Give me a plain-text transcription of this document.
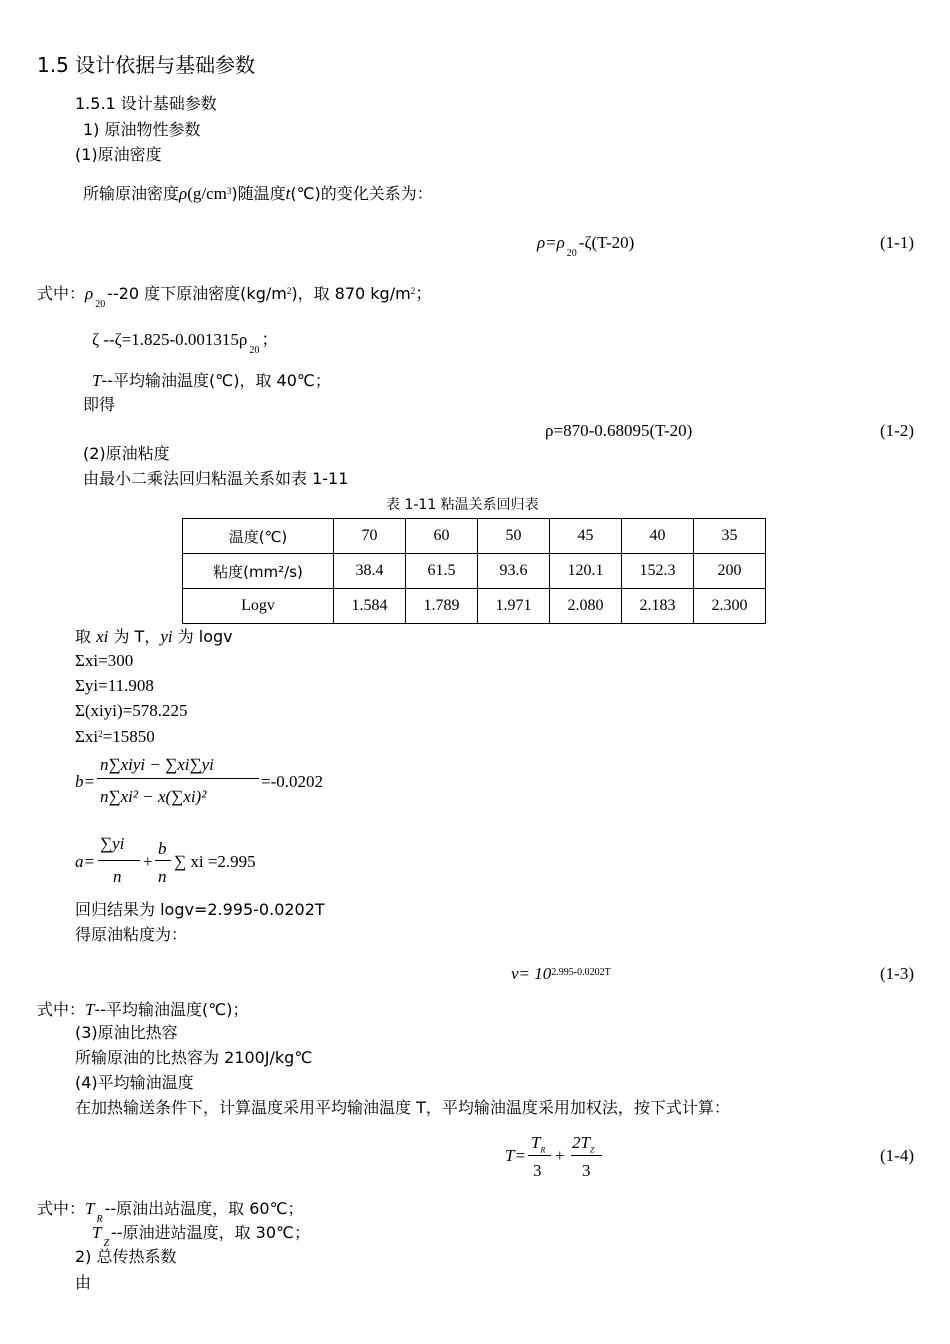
1.5 设计依据与基础参数
1.5.1 设计基础参数
1) 原油物性参数
(1)原油密度
所输原油密度$\rho(g/cm^3)$随温度t(℃)的变化关系为：
$\rho=\rho_{20}-\zeta(T-20)$	(1-1)
式中：$\rho_{20}--20$ 度下原油密度$(kg/m^2)$，取 870 $kg/m^2$；
ζ $--\zeta=1.825-0.001315\rho_{20}$；
T--平均输油温度(℃)，取 40℃；
即得
ρ=870-0.68095(T-20)	(1-2)
(2)原油粘度
由最小二乘法回归粘温关系如表 1-11
表 1-11 粘温关系回归表
温度(℃)	70	60	50	45	40	35
粘度(mm²/s)	38.4	61.5	93.6	120.1	152.3	200
Logv	1.584	1.789	1.971	2.080	2.183	2.300
取 xi 为 T，yi 为 logv
Σxi=300
Σyi=11.908
Σ(xiyi)=578.225
Σxi$^2$=15850
b=
n∑xiyi − ∑xi∑yi
n∑xi² − x(∑xi)²
=-0.0202
a=
∑yi
n
+
b
n
∑ xi =2.995
回归结果为 logv=2.995-0.0202T
得原油粘度为：
$v= 10^{2.995-0.0202T}$	(1-3)
式中：T--平均输油温度(℃)；
(3)原油比热容
所输原油的比热容为 2100J/kg℃
(4)平均输油温度
在加热输送条件下，计算温度采用平均输油温度 T，平均输油温度采用加权法，按下式计算：
T=
$T_R$
3
+
$2T_Z$
3
(1-4)
式中：$T_R--$原油出站温度，取 60℃；
$T_Z--$原油进站温度，取 30℃；
2) 总传热系数
由
